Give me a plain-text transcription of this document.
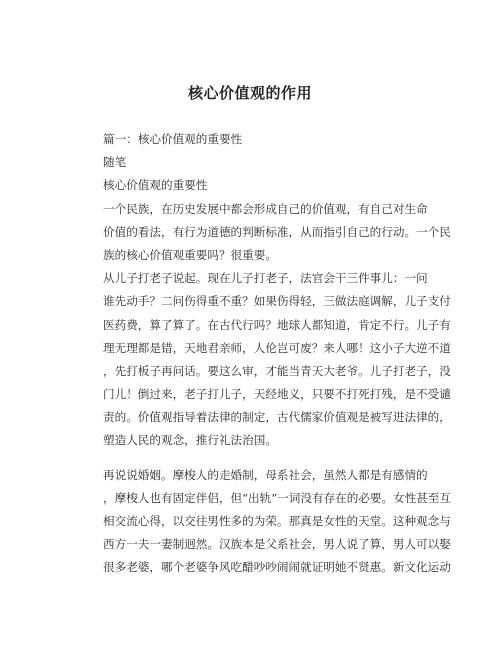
核心价值观的作用
篇一：核心价值观的重要性
随笔
核心价值观的重要性
一个民族，在历史发展中都会形成自己的价值观，有自己对生命
价值的看法，有行为道德的判断标准，从而指引自己的行动。一个民
族的核心价值观重要吗？很重要。
从儿子打老子说起。现在儿子打老子，法官会干三件事儿：一问
谁先动手？二问伤得重不重？如果伤得轻，三做法庭调解，儿子支付
医药费，算了算了。在古代行吗？地球人都知道，肯定不行。儿子有
理无理都是错，天地君亲师，人伦岂可废？来人哪！这小子大逆不道
，先打板子再问话。要这么审，才能当青天大老爷。儿子打老子，没
门儿！倒过来，老子打儿子，天经地义，只要不打死打残，是不受谴
责的。价值观指导着法律的制定，古代儒家价值观是被写进法律的，
塑造人民的观念，推行礼法治国。
再说说婚姻。摩梭人的走婚制，母系社会，虽然人都是有感情的
，摩梭人也有固定伴侣，但“出轨”一词没有存在的必要。女性甚至互
相交流心得，以交往男性多的为荣。那真是女性的天堂。这种观念与
西方一夫一妻制迥然。汉族本是父系社会，男人说了算，男人可以娶
很多老婆，哪个老婆争风吃醋吵吵闹闹就证明她不贤惠。新文化运动
